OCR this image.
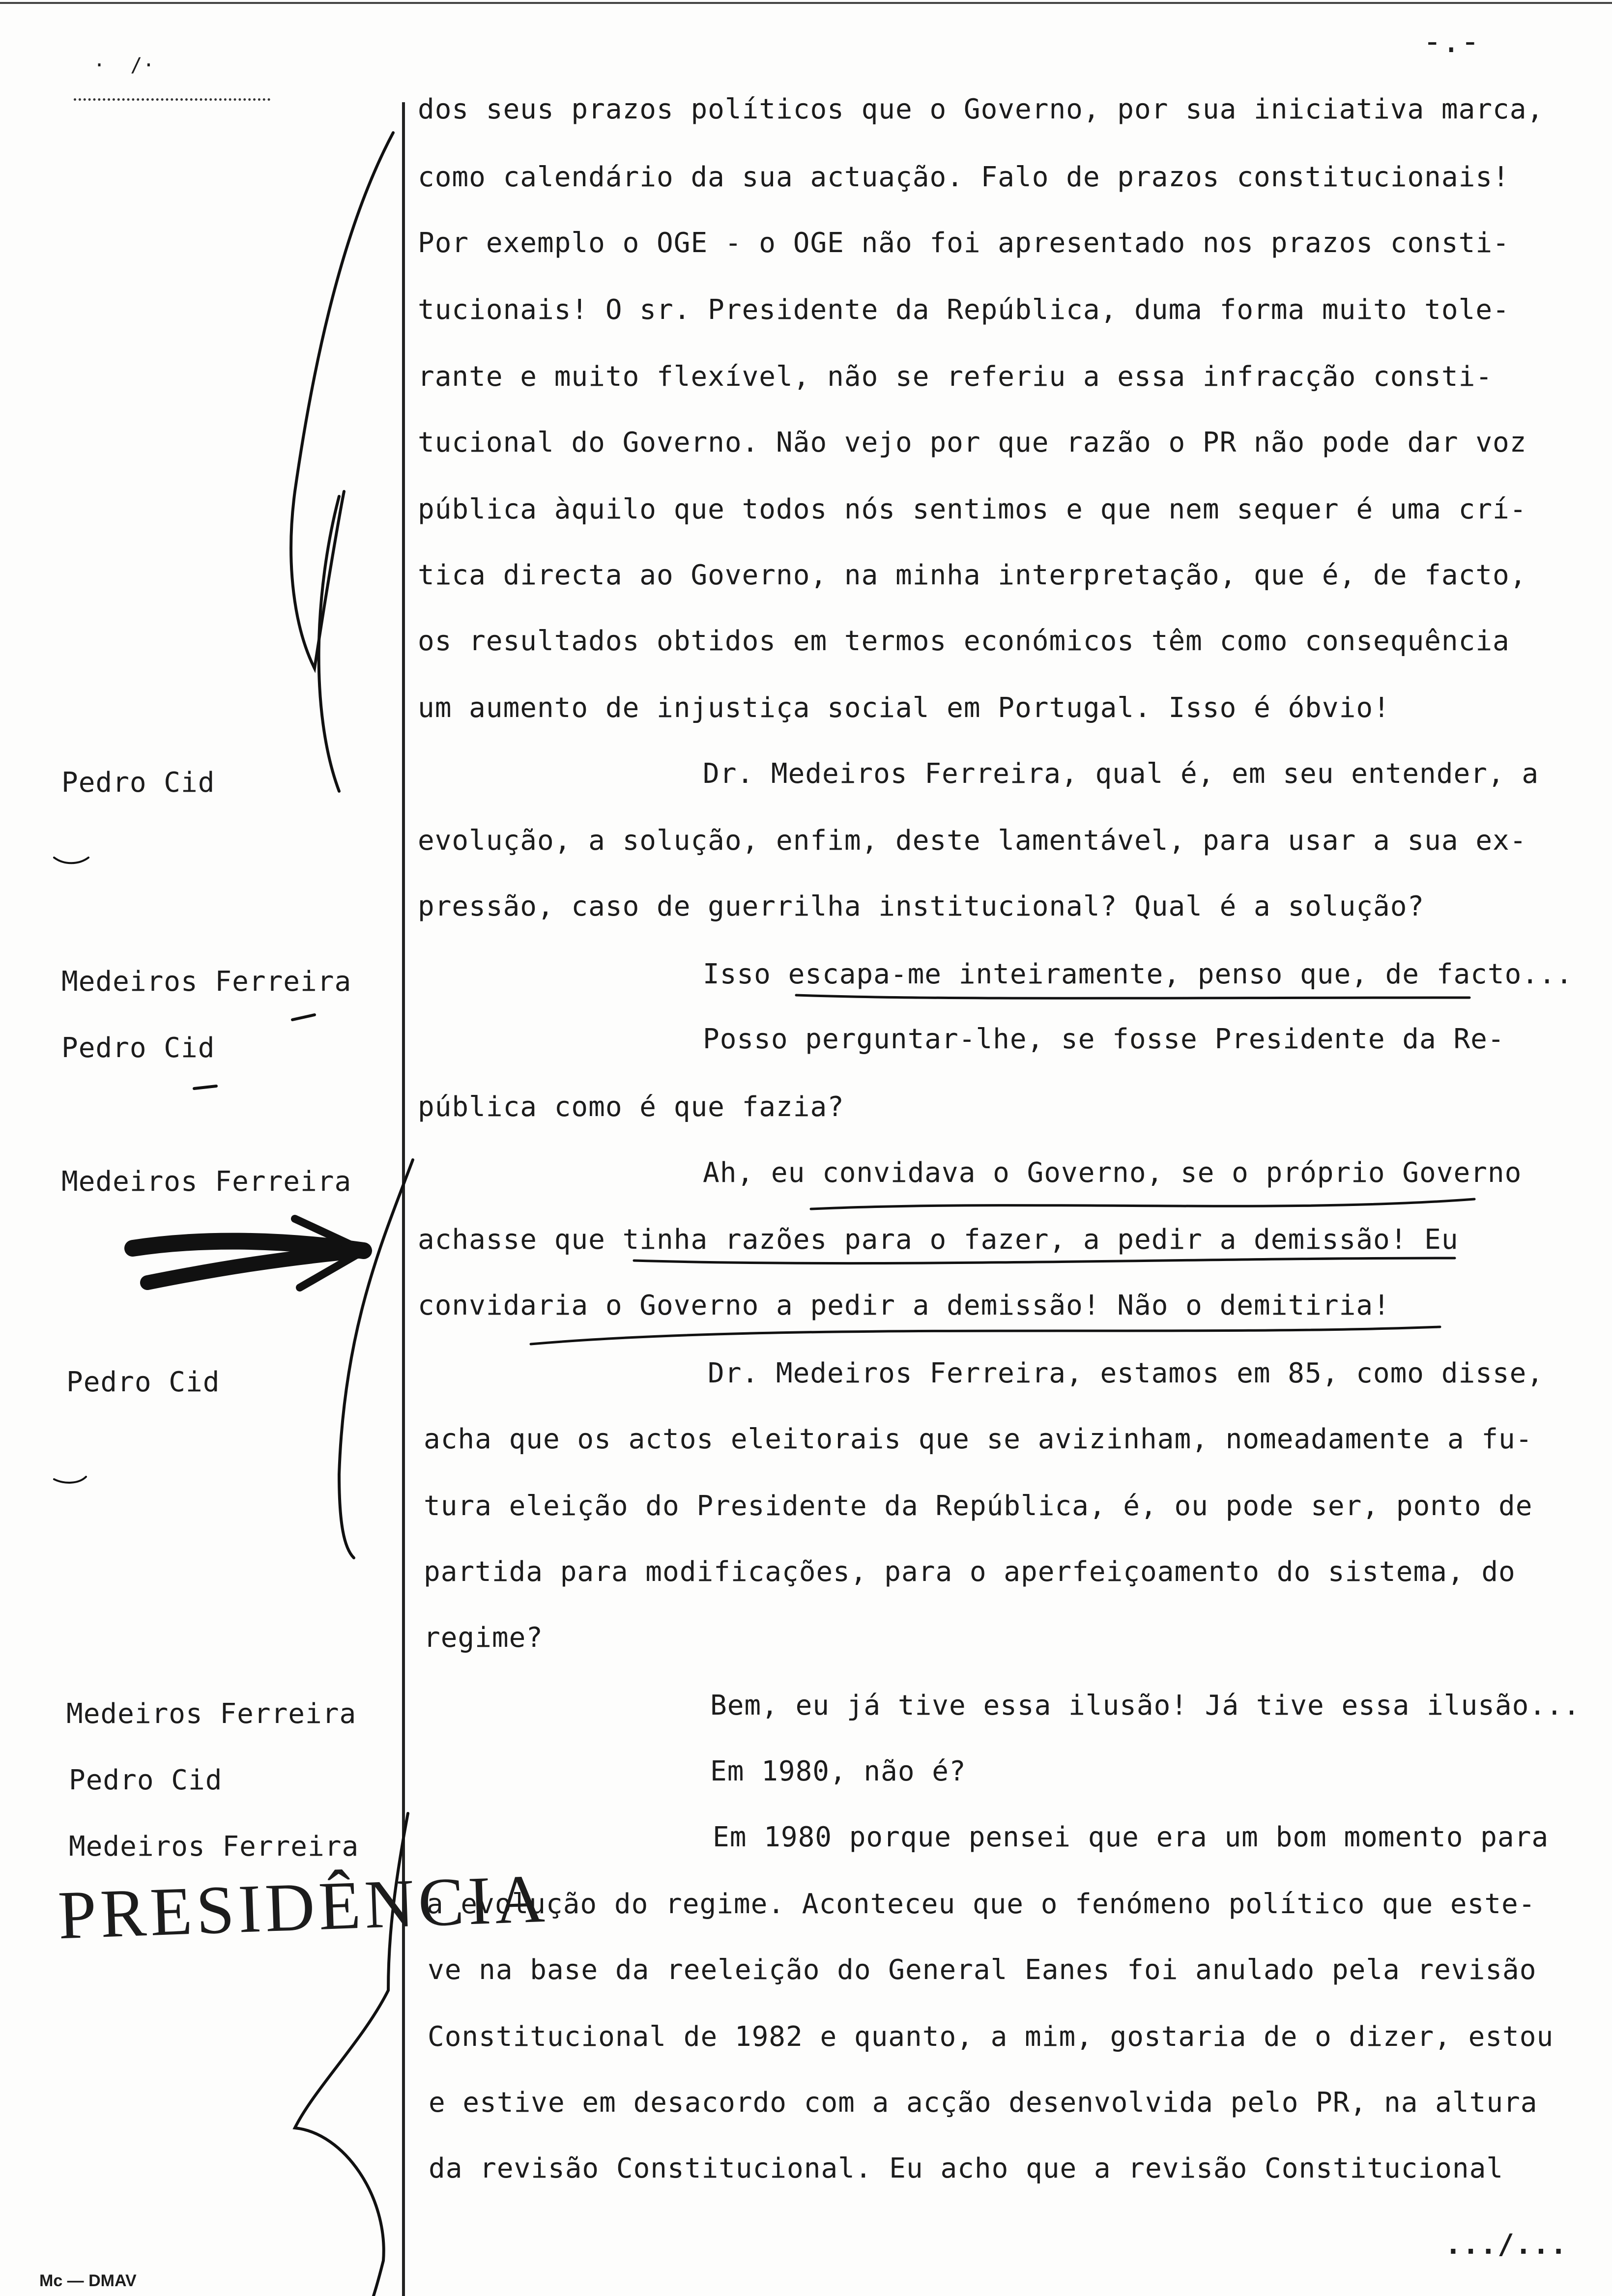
·  /·
-.-
Pedro Cid
Medeiros Ferreira
Pedro Cid
Medeiros Ferreira
Pedro Cid
Medeiros Ferreira
Pedro Cid
Medeiros Ferreira
dos seus prazos políticos que o Governo, por sua iniciativa marca,
como calendário da sua actuação. Falo de prazos constitucionais!
Por exemplo o OGE - o OGE não foi apresentado nos prazos consti-
tucionais! O sr. Presidente da República, duma forma muito tole-
rante e muito flexível, não se referiu a essa infracção consti-
tucional do Governo. Não vejo por que razão o PR não pode dar voz
pública àquilo que todos nós sentimos e que nem sequer é uma crí-
tica directa ao Governo, na minha interpretação, que é, de facto,
os resultados obtidos em termos económicos têm como consequência
um aumento de injustiça social em Portugal. Isso é óbvio!
Dr. Medeiros Ferreira, qual é, em seu entender, a
evolução, a solução, enfim, deste lamentável, para usar a sua ex-
pressão, caso de guerrilha institucional? Qual é a solução?
Isso escapa-me inteiramente, penso que, de facto...
Posso perguntar-lhe, se fosse Presidente da Re-
pública como é que fazia?
Ah, eu convidava o Governo, se o próprio Governo
achasse que tinha razões para o fazer, a pedir a demissão! Eu
convidaria o Governo a pedir a demissão! Não o demitiria!
Dr. Medeiros Ferreira, estamos em 85, como disse,
acha que os actos eleitorais que se avizinham, nomeadamente a fu-
tura eleição do Presidente da República, é, ou pode ser, ponto de
partida para modificações, para o aperfeiçoamento do sistema, do
regime?
Bem, eu já tive essa ilusão! Já tive essa ilusão...
Em 1980, não é?
Em 1980 porque pensei que era um bom momento para
a evolução do regime. Aconteceu que o fenómeno político que este-
ve na base da reeleição do General Eanes foi anulado pela revisão
Constitucional de 1982 e quanto, a mim, gostaria de o dizer, estou
e estive em desacordo com a acção desenvolvida pelo PR, na altura
da revisão Constitucional. Eu acho que a revisão Constitucional
PRESIDÊNCIA
Mc — DMAV
.../...
